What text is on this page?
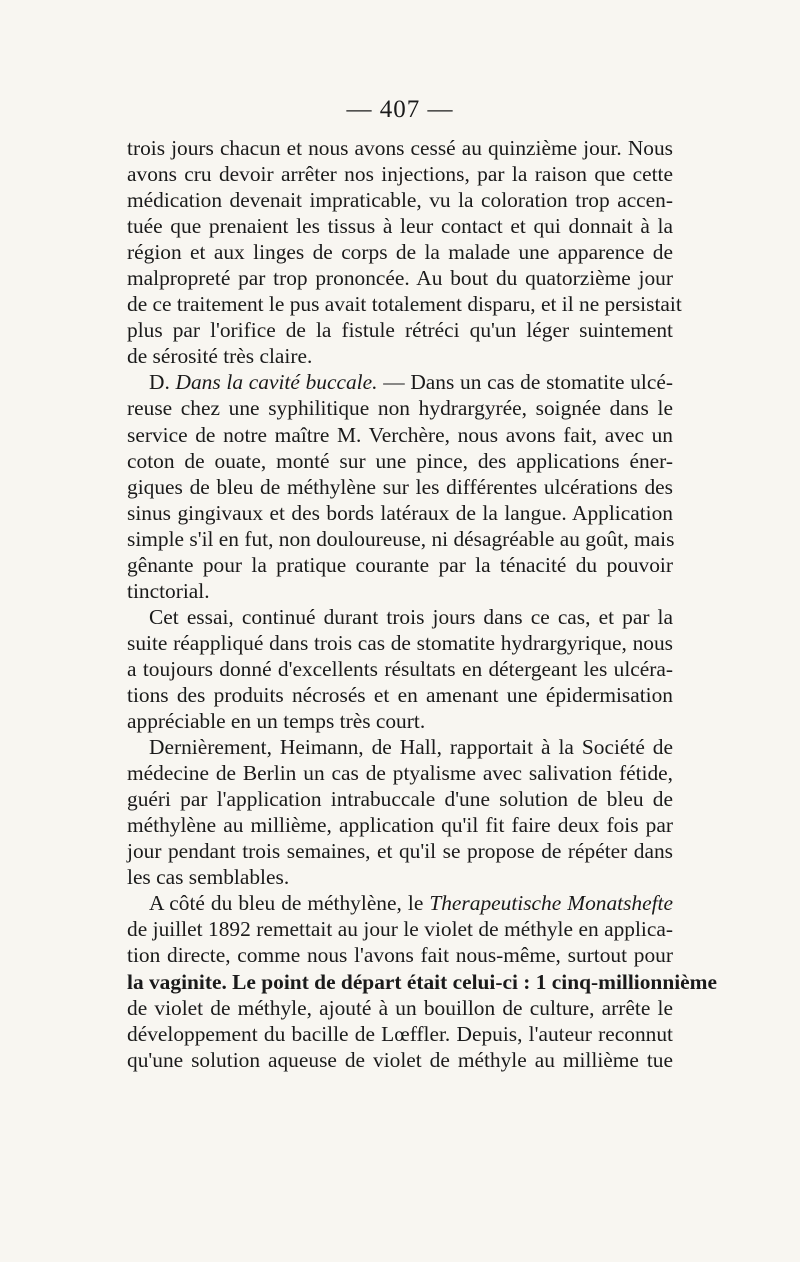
— 407 —
trois jours chacun et nous avons cessé au quinzième jour. Nous
avons cru devoir arrêter nos injections, par la raison que cette
médication devenait impraticable, vu la coloration trop accen-
tuée que prenaient les tissus à leur contact et qui donnait à la
région et aux linges de corps de la malade une apparence de
malpropreté par trop prononcée. Au bout du quatorzième jour
de ce traitement le pus avait totalement disparu, et il ne persistait
plus par l'orifice de la fistule rétréci qu'un léger suintement
de sérosité très claire.
D. Dans la cavité buccale. — Dans un cas de stomatite ulcé-
reuse chez une syphilitique non hydrargyrée, soignée dans le
service de notre maître M. Verchère, nous avons fait, avec un
coton de ouate, monté sur une pince, des applications éner-
giques de bleu de méthylène sur les différentes ulcérations des
sinus gingivaux et des bords latéraux de la langue. Application
simple s'il en fut, non douloureuse, ni désagréable au goût, mais
gênante pour la pratique courante par la ténacité du pouvoir
tinctorial.
Cet essai, continué durant trois jours dans ce cas, et par la
suite réappliqué dans trois cas de stomatite hydrargyrique, nous
a toujours donné d'excellents résultats en détergeant les ulcéra-
tions des produits nécrosés et en amenant une épidermisation
appréciable en un temps très court.
Dernièrement, Heimann, de Hall, rapportait à la Société de
médecine de Berlin un cas de ptyalisme avec salivation fétide,
guéri par l'application intrabuccale d'une solution de bleu de
méthylène au millième, application qu'il fit faire deux fois par
jour pendant trois semaines, et qu'il se propose de répéter dans
les cas semblables.
A côté du bleu de méthylène, le Therapeutische Monatshefte
de juillet 1892 remettait au jour le violet de méthyle en applica-
tion directe, comme nous l'avons fait nous-même, surtout pour
la vaginite. Le point de départ était celui-ci : 1 cinq-millionnième
de violet de méthyle, ajouté à un bouillon de culture, arrête le
développement du bacille de Lœffler. Depuis, l'auteur reconnut
qu'une solution aqueuse de violet de méthyle au millième tue
